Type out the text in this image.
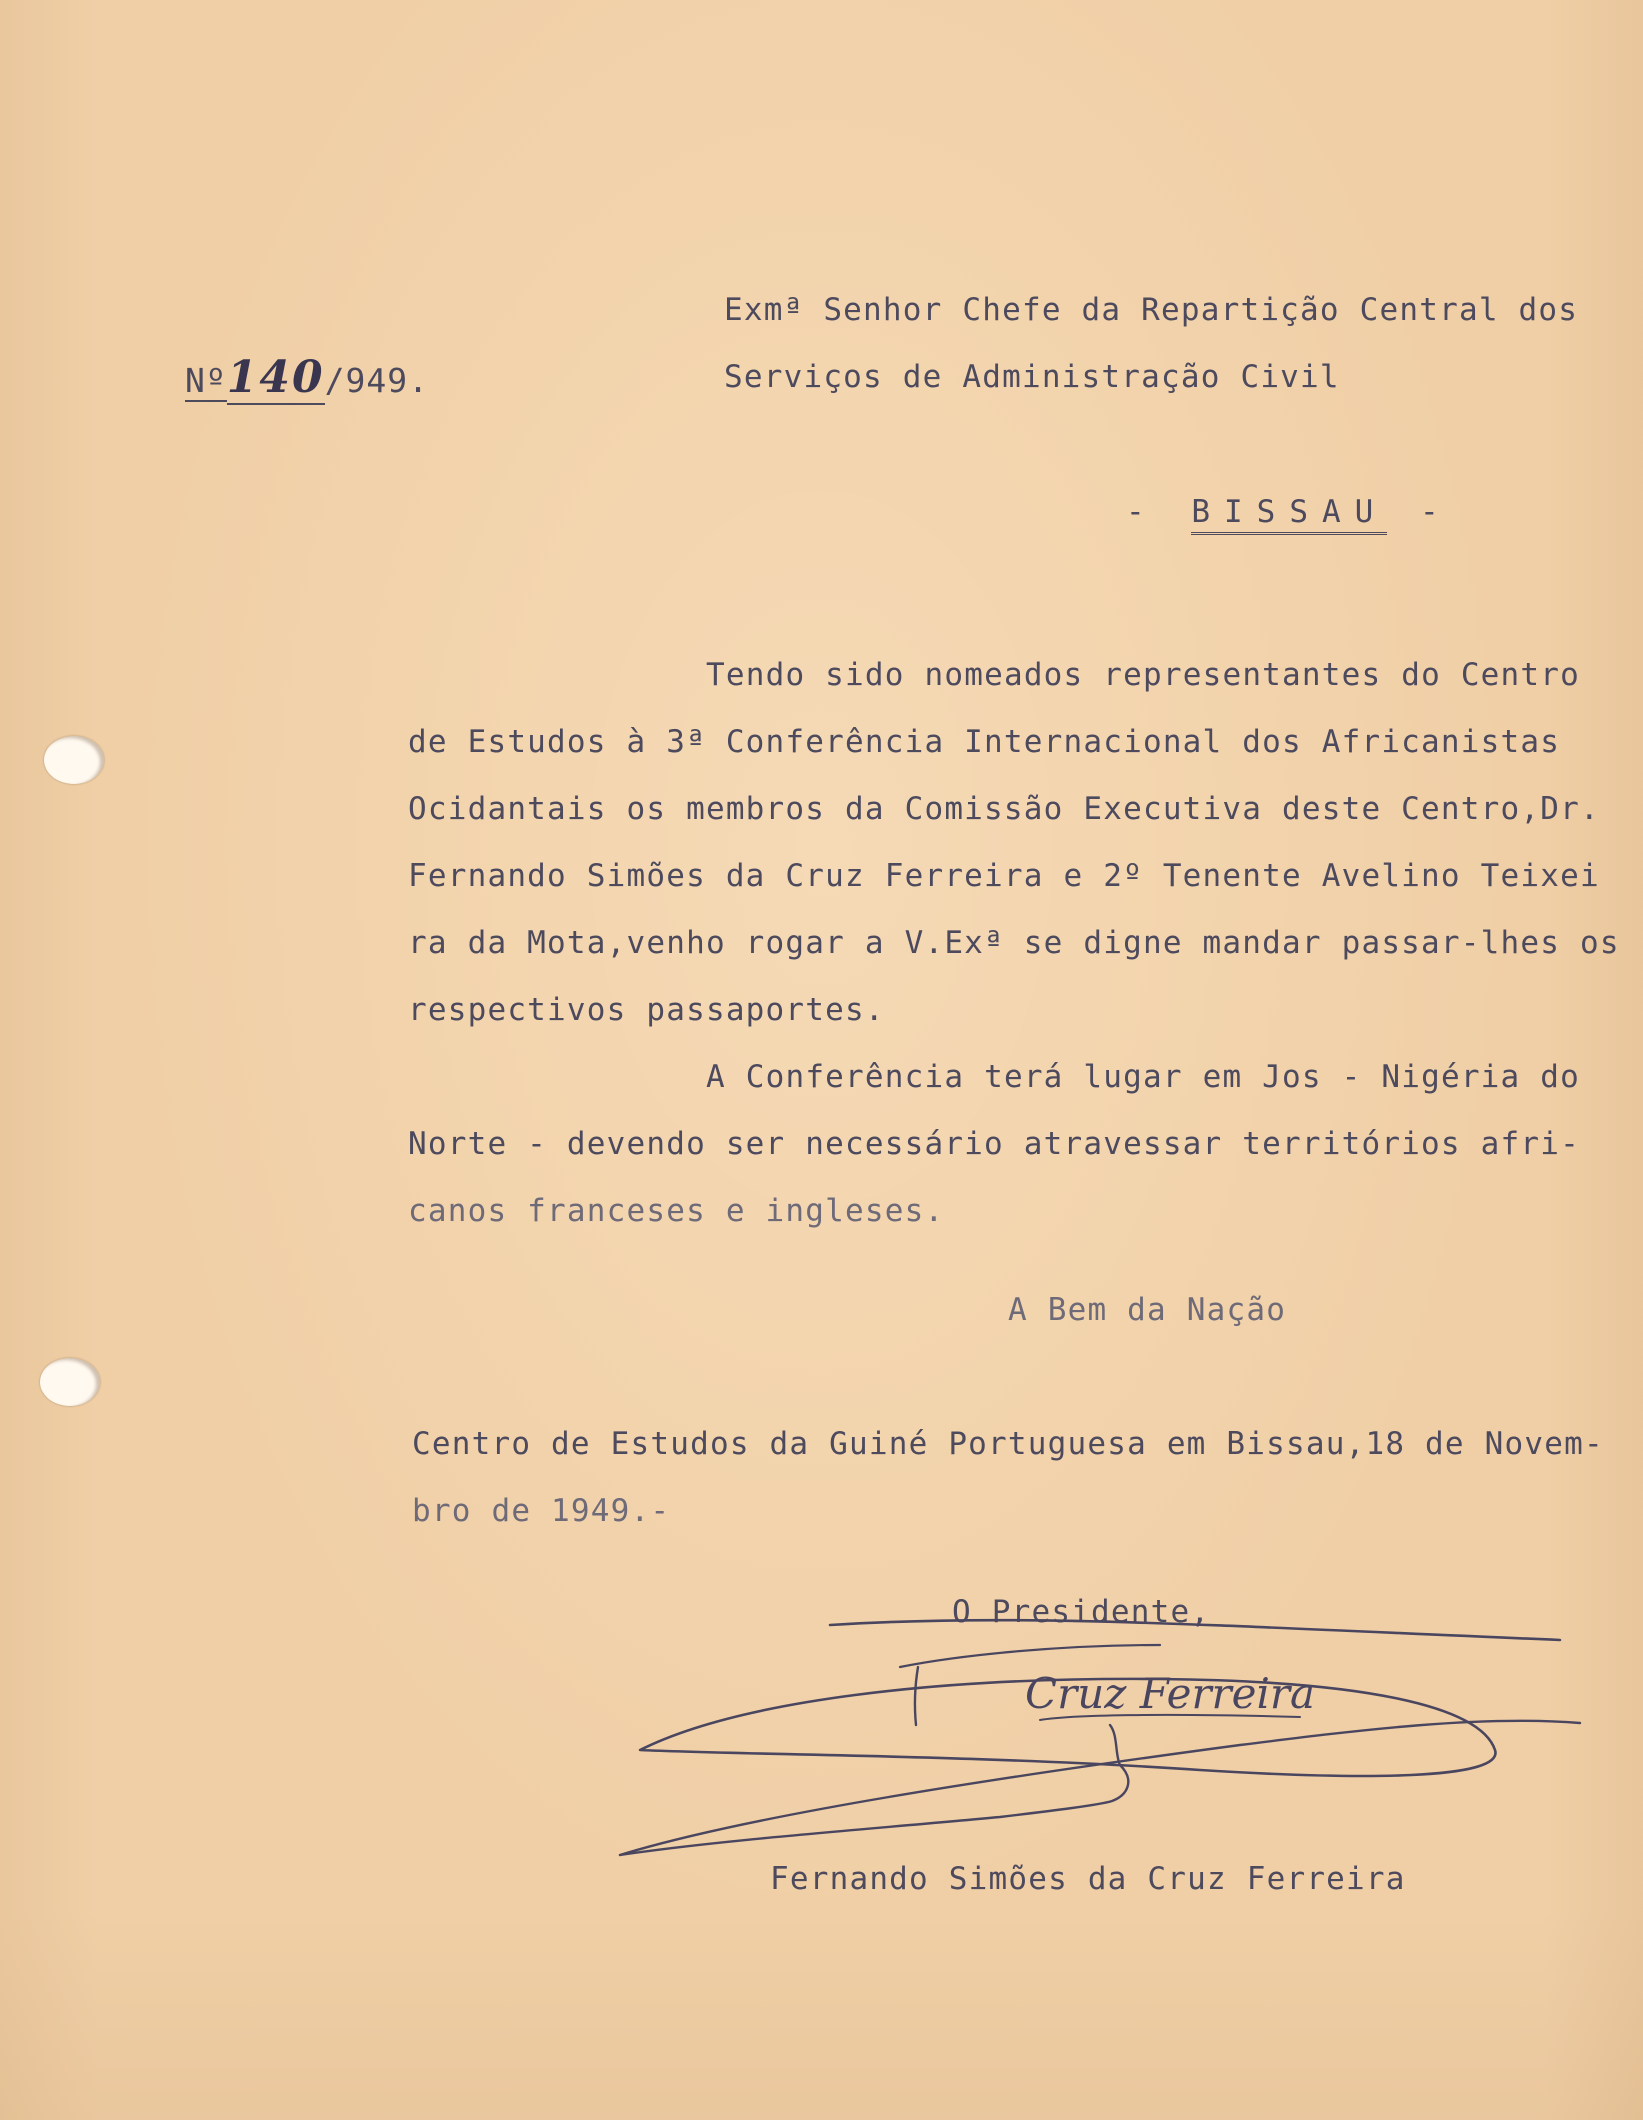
Exmª Senhor Chefe da Repartição Central dos
Serviços de Administração Civil
Nº140/949.
- BISSAU -
Tendo sido nomeados representantes do Centro
de Estudos à 3ª Conferência Internacional dos Africanistas
Ocidantais os membros da Comissão Executiva deste Centro,Dr.
Fernando Simões da Cruz Ferreira e 2º Tenente Avelino Teixei
ra da Mota,venho rogar a V.Exª se digne mandar passar-lhes os
respectivos passaportes.
A Conferência terá lugar em Jos - Nigéria do
Norte - devendo ser necessário atravessar territórios afri-
canos franceses e ingleses.
A Bem da Nação
Centro de Estudos da Guiné Portuguesa em Bissau,18 de Novem-
bro de 1949.-
O Presidente,
Cruz Ferreira
Fernando Simões da Cruz Ferreira
